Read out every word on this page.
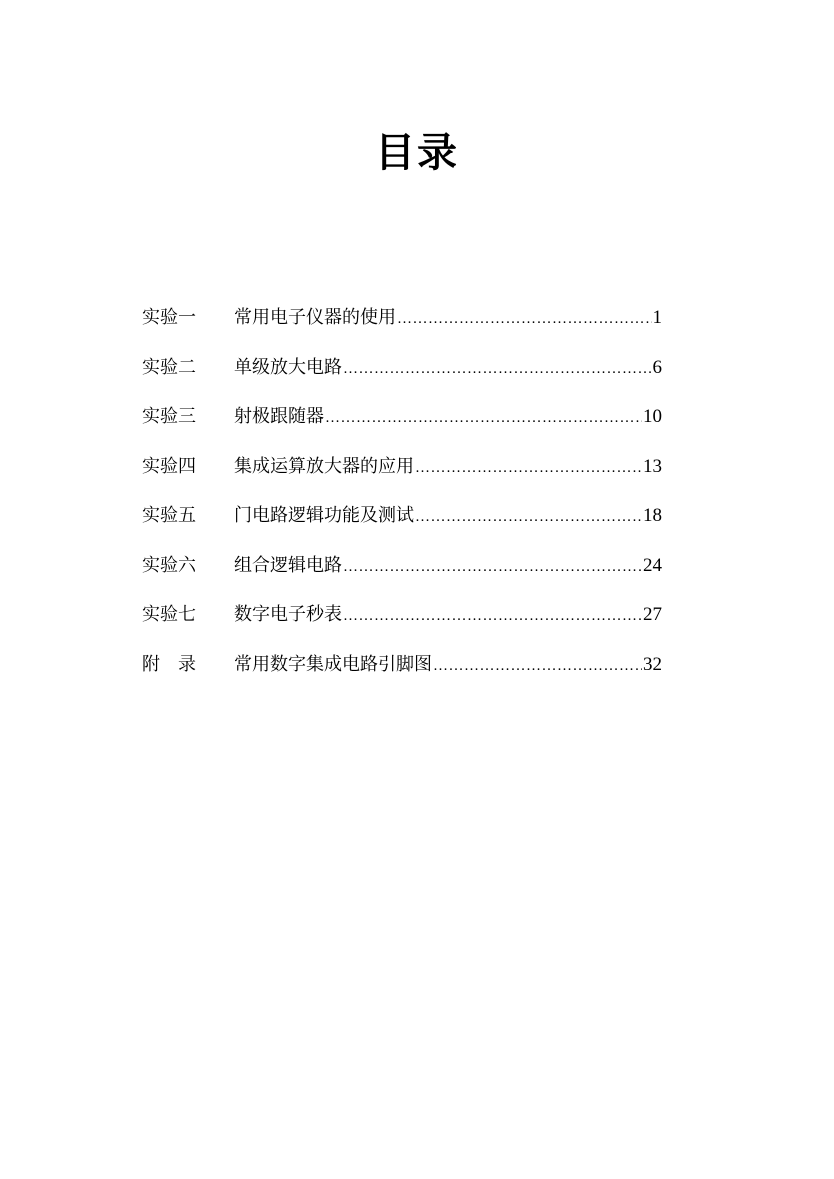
目录
实验一	常用电子仪器的使用 …………………………………………………………………………………………………………	1
实验二	单级放大电路 …………………………………………………………………………………………………………	6
实验三	射极跟随器 …………………………………………………………………………………………………………	10
实验四	集成运算放大器的应用 …………………………………………………………………………………………………………	13
实验五	门电路逻辑功能及测试 …………………………………………………………………………………………………………	18
实验六	组合逻辑电路 …………………………………………………………………………………………………………	24
实验七	数字电子秒表 …………………………………………………………………………………………………………	27
附　录	常用数字集成电路引脚图 …………………………………………………………………………………………………………	32
